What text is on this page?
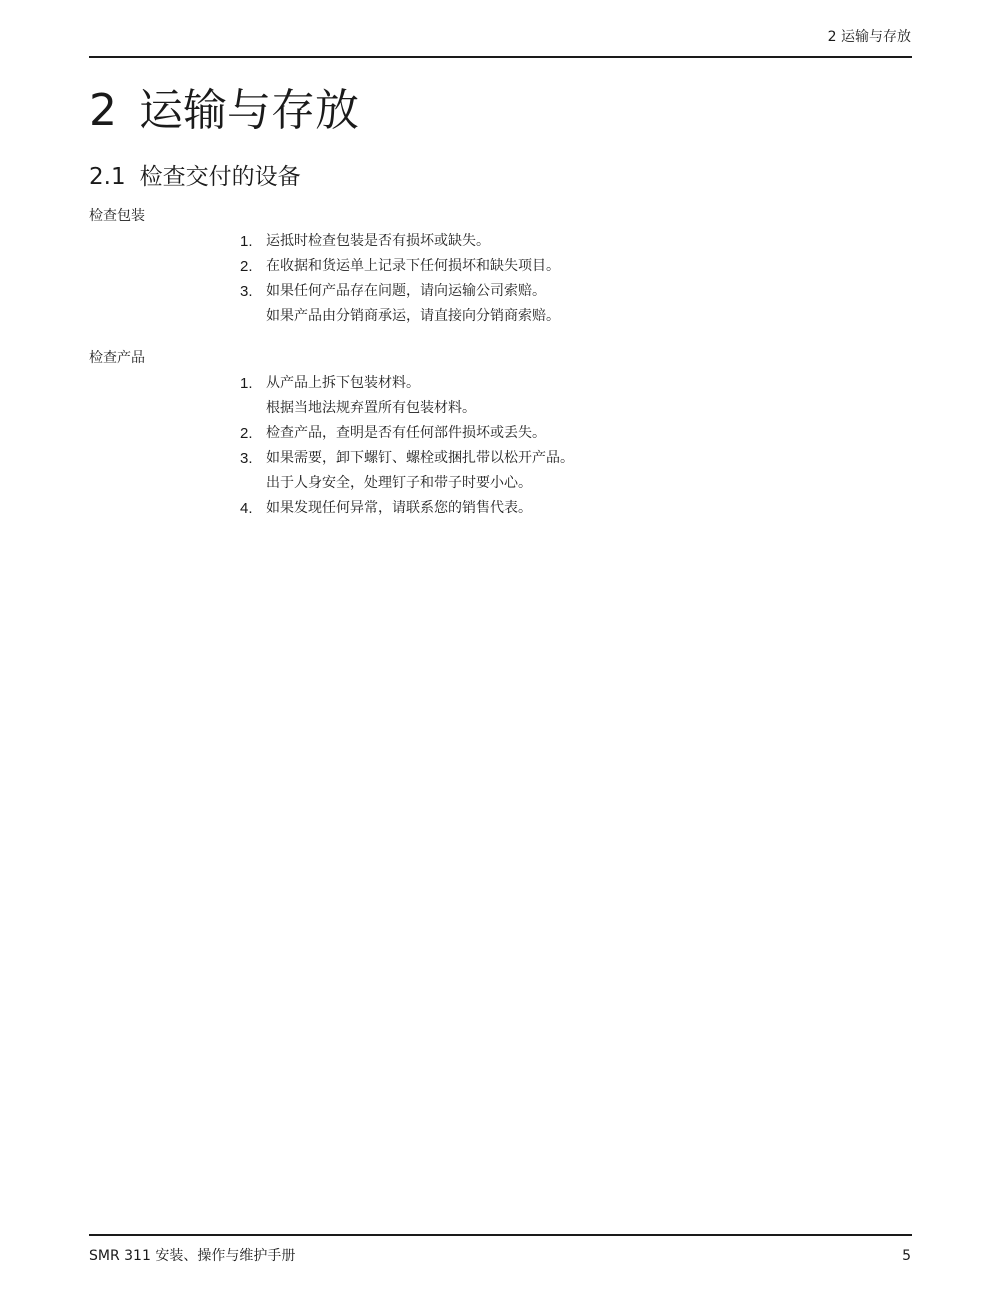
2 运输与存放
2 运输与存放
2.1 检查交付的设备
检查包装
1. 运抵时检查包装是否有损坏或缺失。
2. 在收据和货运单上记录下任何损坏和缺失项目。
3. 如果任何产品存在问题，请向运输公司索赔。
如果产品由分销商承运，请直接向分销商索赔。
检查产品
1. 从产品上拆下包装材料。
根据当地法规弃置所有包装材料。
2. 检查产品，查明是否有任何部件损坏或丢失。
3. 如果需要，卸下螺钉、螺栓或捆扎带以松开产品。
出于人身安全，处理钉子和带子时要小心。
4. 如果发现任何异常，请联系您的销售代表。
SMR 311 安装、操作与维护手册	5
